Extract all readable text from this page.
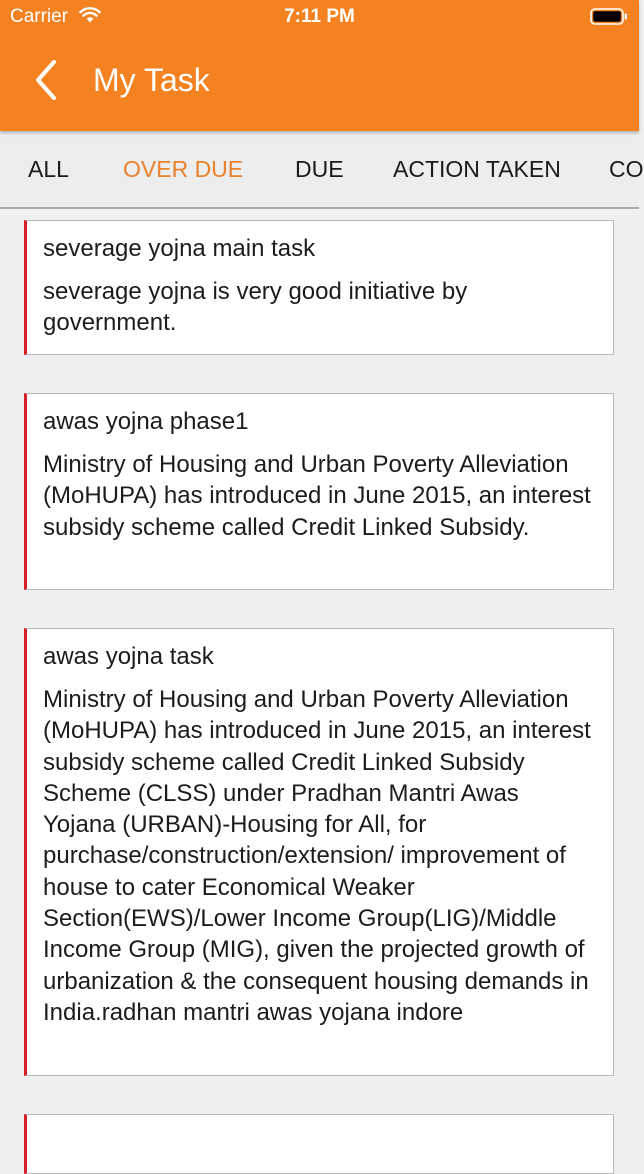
Carrier	7:11 PM
My Task
ALL OVER DUE DUE ACTION TAKEN CO
severage yojna main task
severage yojna is very good initiative by government.
awas yojna phase1
Ministry of Housing and Urban Poverty Alleviation (MoHUPA) has introduced in June 2015, an interest subsidy scheme called Credit Linked Subsidy.
awas yojna task
Ministry of Housing and Urban Poverty Alleviation (MoHUPA) has introduced in June 2015, an interest subsidy scheme called Credit Linked Subsidy Scheme (CLSS) under Pradhan Mantri Awas Yojana (URBAN)-Housing for All, for purchase/construction/extension/ improvement of house to cater Economical Weaker Section(EWS)/Lower Income Group(LIG)/Middle Income Group (MIG), given the projected growth of urbanization & the consequent housing demands in India.radhan mantri awas yojana indore
